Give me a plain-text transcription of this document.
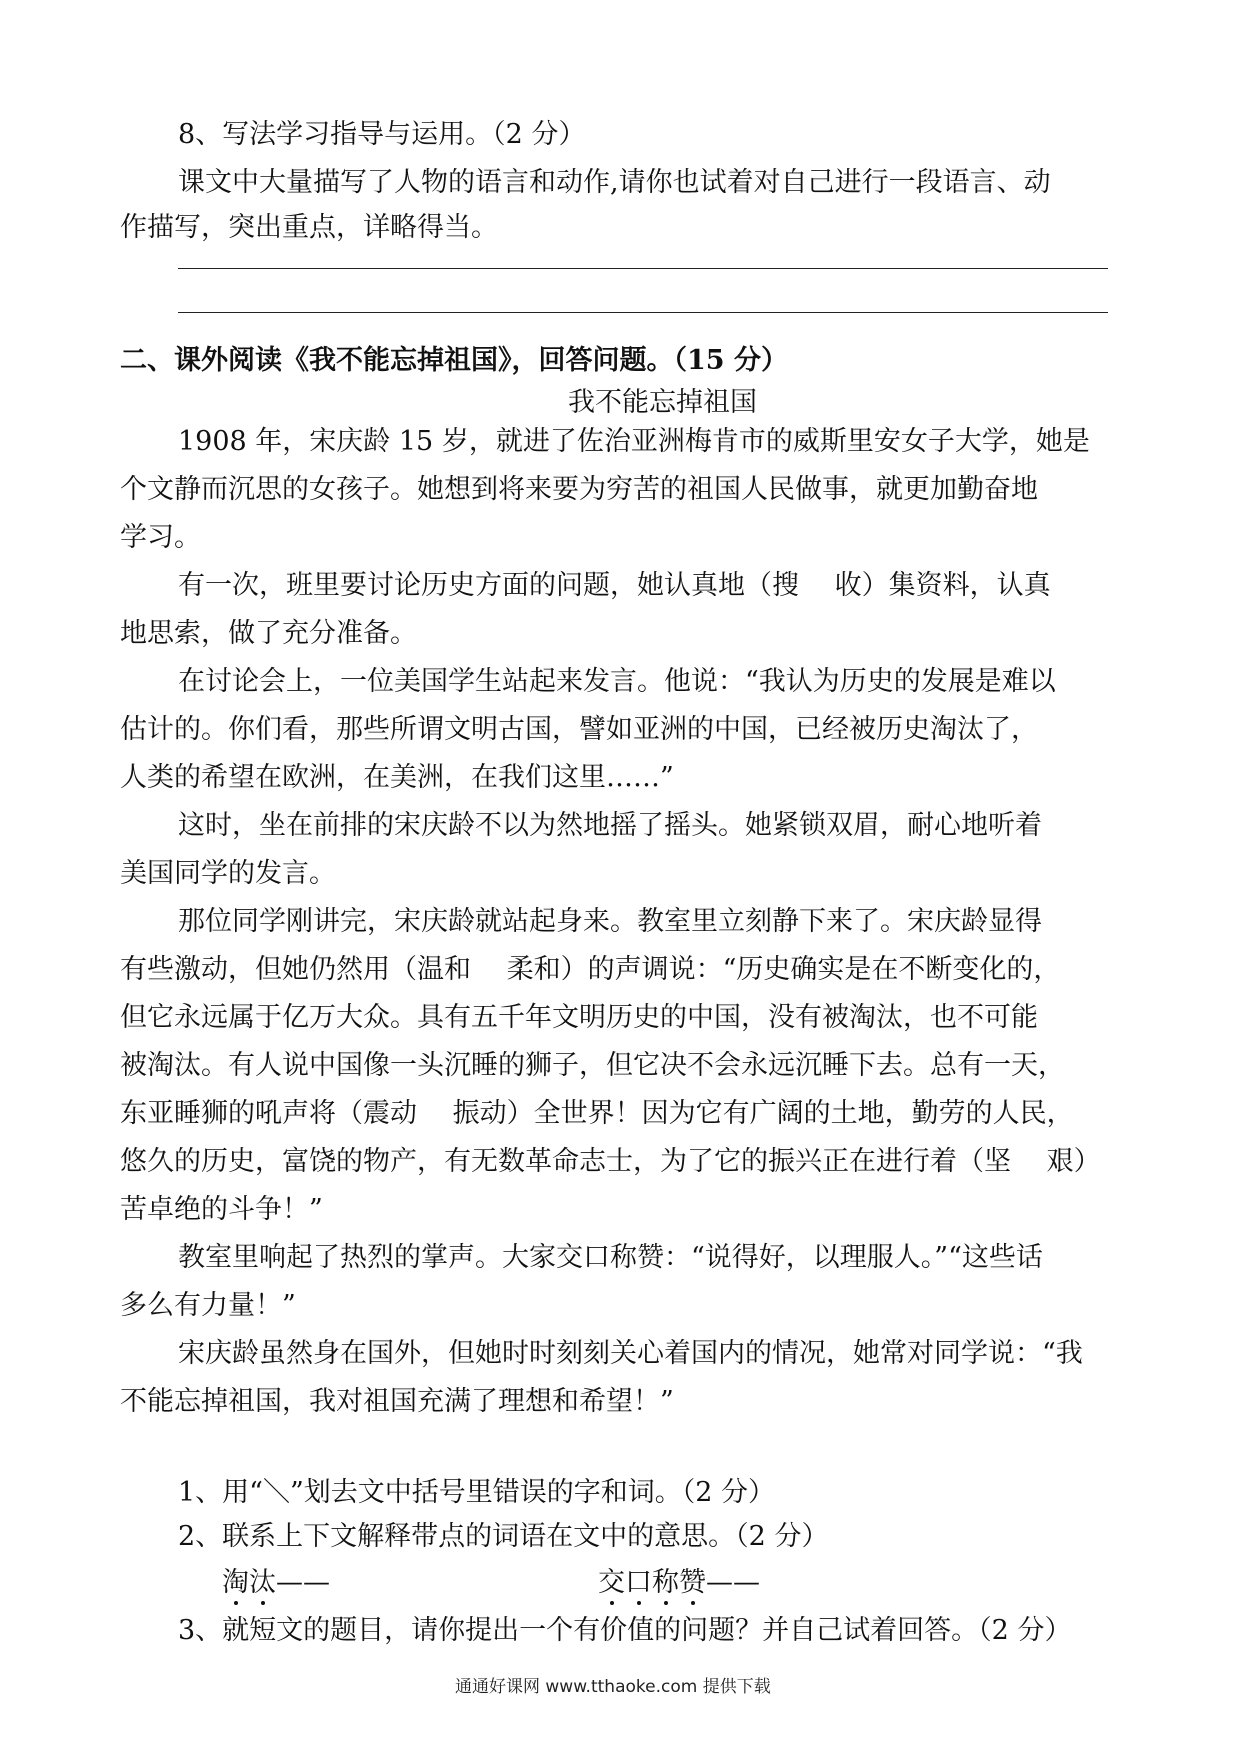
8、写法学习指导与运用。（2 分）
课文中大量描写了人物的语言和动作,请你也试着对自己进行一段语言、动
作描写，突出重点，详略得当。
二、课外阅读《我不能忘掉祖国》，回答问题。（15 分）
我不能忘掉祖国
1908 年，宋庆龄 15 岁，就进了佐治亚洲梅肯市的威斯里安女子大学，她是
个文静而沉思的女孩子。她想到将来要为穷苦的祖国人民做事，就更加勤奋地
学习。
有一次，班里要讨论历史方面的问题，她认真地（搜　 收）集资料，认真
地思索，做了充分准备。
在讨论会上，一位美国学生站起来发言。他说：“我认为历史的发展是难以
估计的。你们看，那些所谓文明古国，譬如亚洲的中国，已经被历史淘汰了，
人类的希望在欧洲，在美洲，在我们这里……”
这时，坐在前排的宋庆龄不以为然地摇了摇头。她紧锁双眉，耐心地听着
美国同学的发言。
那位同学刚讲完，宋庆龄就站起身来。教室里立刻静下来了。宋庆龄显得
有些激动，但她仍然用（温和　 柔和）的声调说：“历史确实是在不断变化的，
但它永远属于亿万大众。具有五千年文明历史的中国，没有被淘汰，也不可能
被淘汰。有人说中国像一头沉睡的狮子，但它决不会永远沉睡下去。总有一天，
东亚睡狮的吼声将（震动　 振动）全世界！因为它有广阔的土地，勤劳的人民，
悠久的历史，富饶的物产，有无数革命志士，为了它的振兴正在进行着（坚　 艰）
苦卓绝的斗争！”
教室里响起了热烈的掌声。大家交口称赞：“说得好，以理服人。”“这些话
多么有力量！”
宋庆龄虽然身在国外，但她时时刻刻关心着国内的情况，她常对同学说：“我
不能忘掉祖国，我对祖国充满了理想和希望！”
1、用“＼”划去文中括号里错误的字和词。（2 分）
2、联系上下文解释带点的词语在文中的意思。（2 分）
淘汰——	交口称赞——
3、就短文的题目，请你提出一个有价值的问题？并自己试着回答。（2 分）
通通好课网 www.tthaoke.com 提供下载
